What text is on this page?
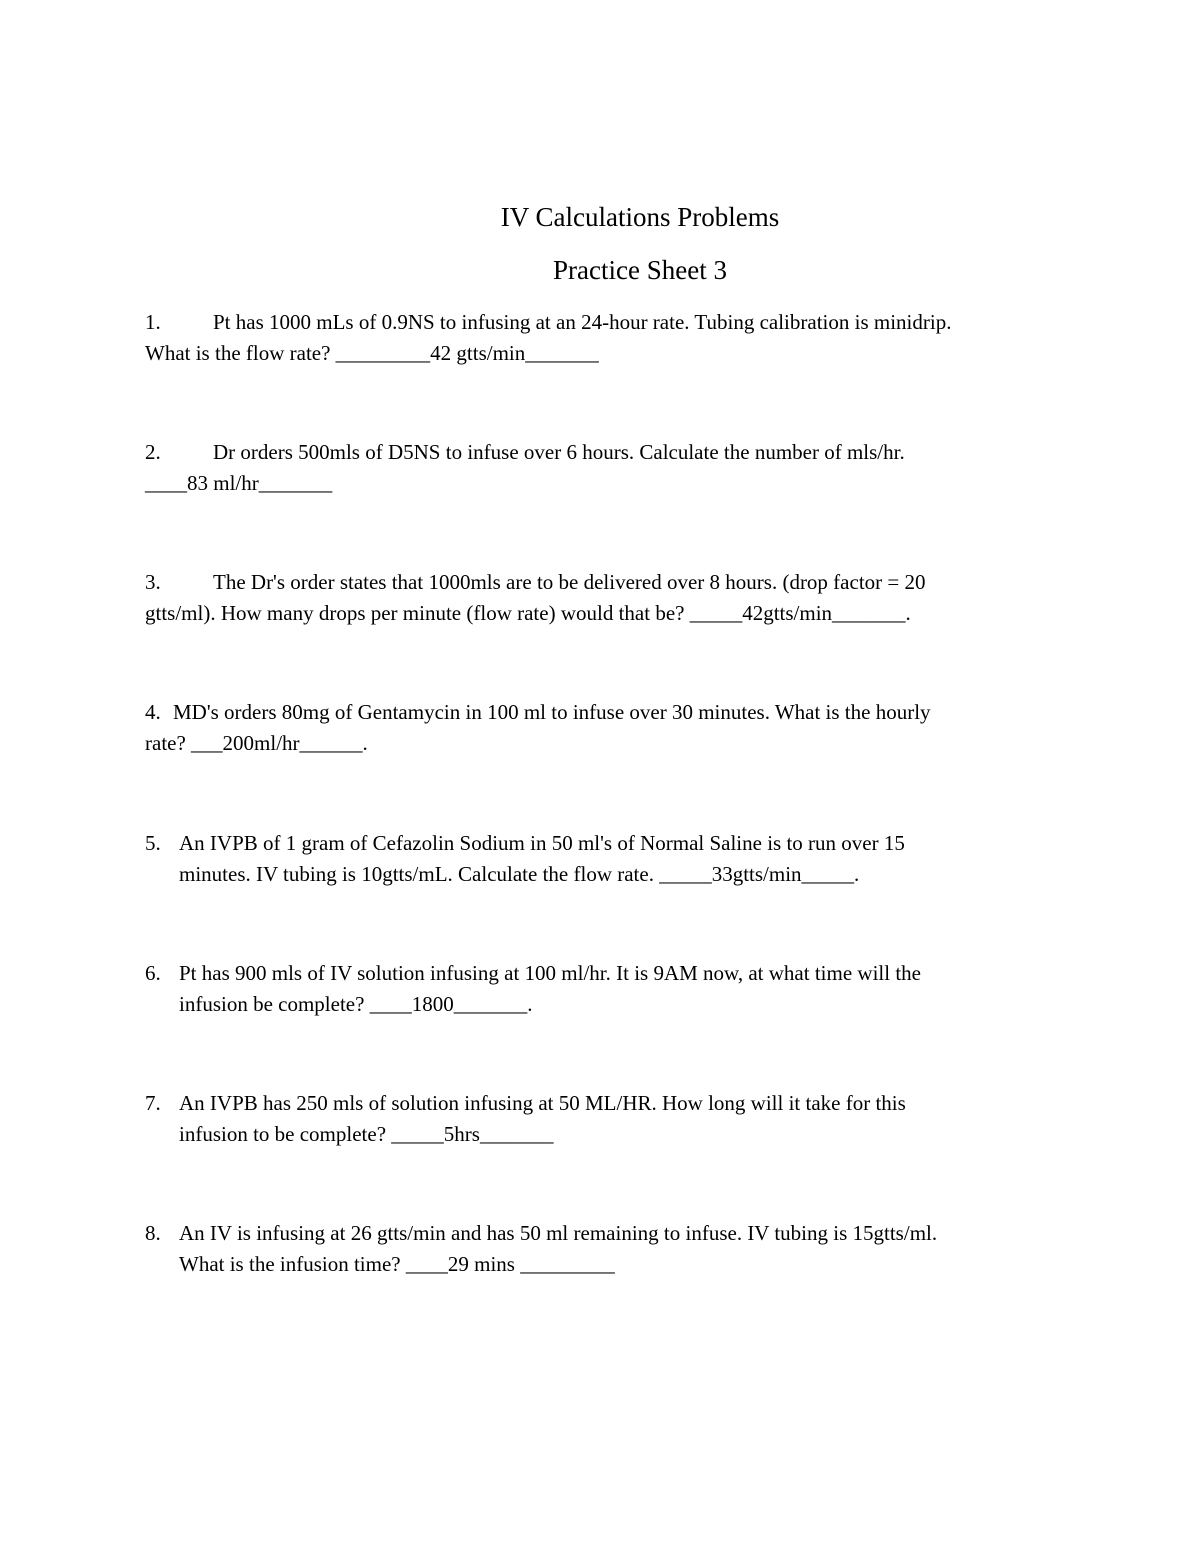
IV Calculations Problems
Practice Sheet 3
1. Pt has 1000 mLs of 0.9NS to infusing at an 24-hour rate. Tubing calibration is minidrip.
What is the flow rate? _________42 gtts/min_______
2. Dr orders 500mls of D5NS to infuse over 6 hours. Calculate the number of mls/hr.
____83 ml/hr_______
3. The Dr's order states that 1000mls are to be delivered over 8 hours. (drop factor = 20
gtts/ml). How many drops per minute (flow rate) would that be? _____42gtts/min_______.
4. MD's orders 80mg of Gentamycin in 100 ml to infuse over 30 minutes. What is the hourly
rate? ___200ml/hr______.
5. An IVPB of 1 gram of Cefazolin Sodium in 50 ml's of Normal Saline is to run over 15
minutes. IV tubing is 10gtts/mL. Calculate the flow rate. _____33gtts/min_____.
6. Pt has 900 mls of IV solution infusing at 100 ml/hr. It is 9AM now, at what time will the
infusion be complete? ____1800_______.
7. An IVPB has 250 mls of solution infusing at 50 ML/HR. How long will it take for this
infusion to be complete? _____5hrs_______
8. An IV is infusing at 26 gtts/min and has 50 ml remaining to infuse. IV tubing is 15gtts/ml.
What is the infusion time? ____29 mins _________
